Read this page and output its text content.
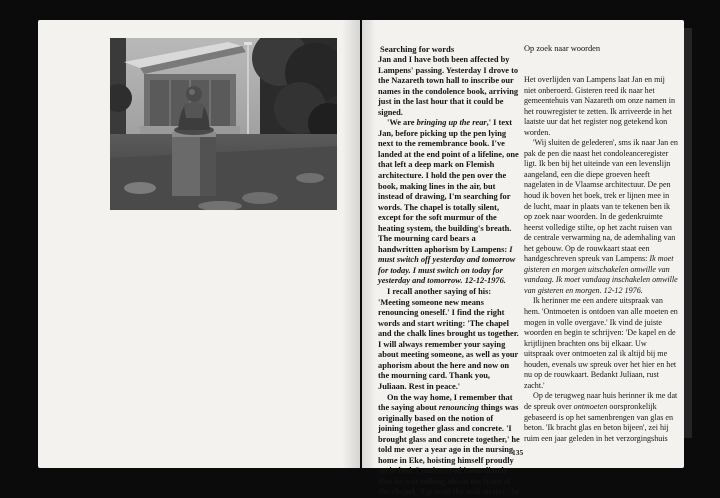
Searching for words	Op zoek naar woorden

Het overlijden van Lampens laat Jan en mij niet onberoerd. Gisteren reed ik naar het gemeentehuis van Nazareth om onze namen in het rouwregister te zetten. Ik arriveerde in het laatste uur dat het register nog getekend kon worden.

'Wij sluiten de gelederen', sms ik naar Jan en pak de pen die naast het condoleanceregister ligt. Ik ben bij het uiteinde van een levenslijn aangeland, een die diepe groeven heeft nagelaten in de Vlaamse architectuur. De pen houd ik boven het boek, trek er lijnen mee in de lucht, maar in plaats van te tekenen ben ik op zoek naar woorden. In de gedenkruimte heerst volledige stilte, op het zacht ruisen van de centrale verwarming na, de ademhaling van het gebouw. Op de rouwkaart staat een handgeschreven spreuk van Lampens: Ik moet gisteren en morgen uitschakelen omwille van vandaag. Ik moet vandaag inschakelen omwille van gisteren en morgen. 12-12 1976.

Ik herinner me een andere uitspraak van hem. 'Ontmoeten is ontdoen van alle moeten en mogen in volle overgave.' Ik vind de juiste woorden en begin te schrijven: 'De kapel en de krijtlijnen brachten ons bij elkaar. Uw uitspraak over ontmoeten zal ik altijd bij me houden, evenals uw spreuk over het hier en het nu op de rouwkaart. Bedankt Juliaan, rust zacht.'

Op de terugweg naar huis herinner ik me dat de spreuk over ontmoeten oorspronkelijk gebaseerd is op het samenbrengen van glas en beton. 'Ik bracht glas en beton bijeen', zei hij ruim een jaar geleden in het verzorgingshuis

135

Jan and I have both been affected by Lampens' passing. Yesterday I drove to the Nazareth town hall to inscribe our names in the condolence book, arriving just in the last hour that it could be signed.

'We are bringing up the rear,' I text Jan, before picking up the pen lying next to the remembrance book. I've landed at the end point of a lifeline, one that left a deep mark on Flemish architecture. I hold the pen over the book, making lines in the air, but instead of drawing, I'm searching for words. The chapel is totally silent, except for the soft murmur of the heating system, the building's breath. The mourning card bears a handwritten aphorism by Lampens: I must switch off yesterday and tomorrow for today. I must switch on today for yesterday and tomorrow. 12-12-1976.

I recall another saying of his: 'Meeting someone new means renouncing oneself.' I find the right words and start writing: 'The chapel and the chalk lines brought us together. I will always remember your saying about meeting someone, as well as your aphorism about the here and now on the mourning card. Thank you, Juliaan. Rest in peace.'

On the way home, I remember that the saying about renouncing things was originally based on the notion of joining together glass and concrete. 'I brought glass and concrete together,' he told me over a year ago in the nursing home in Eke, hoisting himself proudly up in bed. I understood immediately that he was talking about the front of the chapel. 'Up until the mid-sixties,' he
